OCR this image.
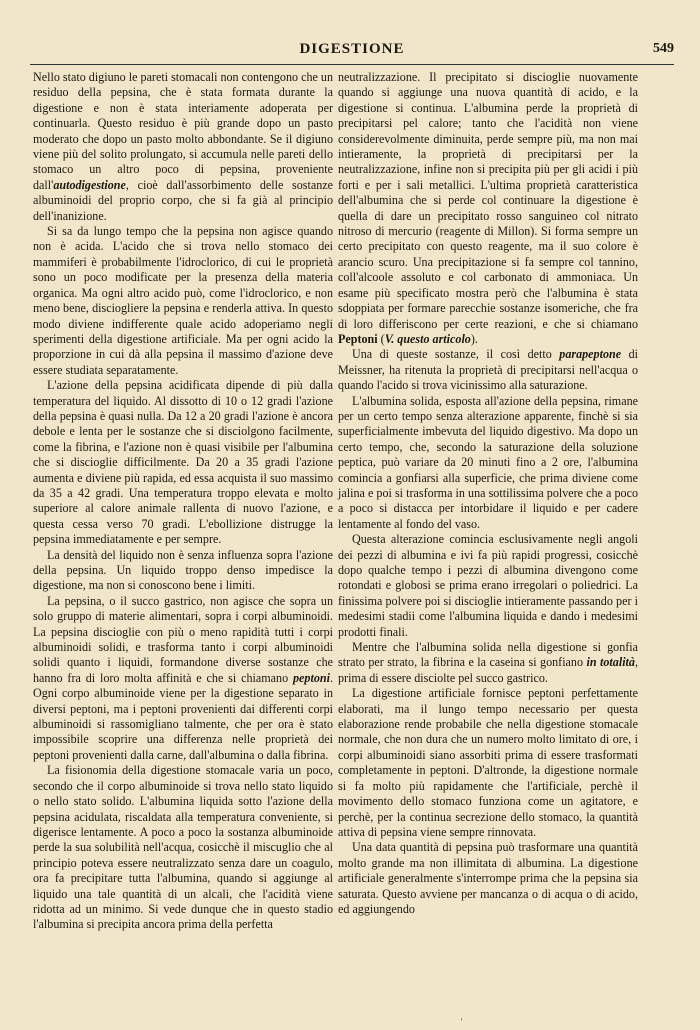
DIGESTIONE	549

Nello stato digiuno le pareti stomacali non contengono che un residuo della pepsina, che è stata formata durante la digestione e non è stata interiamente adoperata per continuarla. Questo residuo è più grande dopo un pasto moderato che dopo un pasto molto abbondante. Se il digiuno viene più del solito prolungato, si accumula nelle pareti dello stomaco un altro poco di pepsina, proveniente dall'autodigestione, cioè dall'assorbimento delle sostanze albuminoidi del proprio corpo, che si fa già al principio dell'inanizione.

Si sa da lungo tempo che la pepsina non agisce quando non è acida. L'acido che si trova nello stomaco dei mammiferi è probabilmente l'idroclorico, di cui le proprietà sono un poco modificate per la presenza della materia organica. Ma ogni altro acido può, come l'idroclorico, e non meno bene, disciogliere la pepsina e renderla attiva. In questo modo diviene indifferente quale acido adoperiamo negli sperimenti della digestione artificiale. Ma per ogni acido la proporzione in cui dà alla pepsina il massimo d'azione deve essere studiata separatamente.

L'azione della pepsina acidificata dipende di più dalla temperatura del liquido. Al dissotto di 10 o 12 gradi l'azione della pepsina è quasi nulla. Da 12 a 20 gradi l'azione è ancora debole e lenta per le sostanze che si disciolgono facilmente, come la fibrina, e l'azione non è quasi visibile per l'albumina che si discioglie difficilmente. Da 20 a 35 gradi l'azione aumenta e diviene più rapida, ed essa acquista il suo massimo da 35 a 42 gradi. Una temperatura troppo elevata e molto superiore al calore animale rallenta di nuovo l'azione, e questa cessa verso 70 gradi. L'ebollizione distrugge la pepsina immediatamente e per sempre.

La densità del liquido non è senza influenza sopra l'azione della pepsina. Un liquido troppo denso impedisce la digestione, ma non si conoscono bene i limiti.

La pepsina, o il succo gastrico, non agisce che sopra un solo gruppo di materie alimentari, sopra i corpi albuminoidi. La pepsina discioglie con più o meno rapidità tutti i corpi albuminoidi solidi, e trasforma tanto i corpi albuminoidi solidi quanto i liquidi, formandone diverse sostanze che hanno fra di loro molta affinità e che si chiamano peptoni. Ogni corpo albuminoide viene per la digestione separato in diversi peptoni, ma i peptoni provenienti dai differenti corpi albuminoidi si rassomigliano talmente, che per ora è stato impossibile scoprire una differenza nelle proprietà dei peptoni provenienti dalla carne, dall'albumina o dalla fibrina.

La fisionomia della digestione stomacale varia un poco, secondo che il corpo albuminoide si trova nello stato liquido o nello stato solido. L'albumina liquida sotto l'azione della pepsina acidulata, riscaldata alla temperatura conveniente, si digerisce lentamente. A poco a poco la sostanza albuminoide perde la sua solubilità nell'acqua, cosicchè il miscuglio che al principio poteva essere neutralizzato senza dare un coagulo, ora fa precipitare tutta l'albumina, quando si aggiunge al liquido una tale quantità di un alcali, che l'acidità viene ridotta ad un minimo. Si vede dunque che in questo stadio l'albumina si precipita ancora prima della perfetta

neutralizzazione. Il precipitato si discioglie nuovamente quando si aggiunge una nuova quantità di acido, e la digestione si continua. L'albumina perde la proprietà di precipitarsi pel calore; tanto che l'acidità non viene considerevolmente diminuita, perde sempre più, ma non mai intieramente, la proprietà di precipitarsi per la neutralizzazione, infine non si precipita più per gli acidi i più forti e per i sali metallici. L'ultima proprietà caratteristica dell'albumina che si perde col continuare la digestione è quella di dare un precipitato rosso sanguineo col nitrato nitroso di mercurio (reagente di Millon). Si forma sempre un certo precipitato con questo reagente, ma il suo colore è arancio scuro. Una precipitazione si fa sempre col tannino, coll'alcoole assoluto e col carbonato di ammoniaca. Un esame più specificato mostra però che l'albumina è stata sdoppiata per formare parecchie sostanze isomeriche, che fra di loro differiscono per certe reazioni, e che si chiamano Peptoni (V. questo articolo).

Una di queste sostanze, il così detto parapeptone di Meissner, ha ritenuta la proprietà di precipitarsi nell'acqua o quando l'acido si trova vicinissimo alla saturazione.

L'albumina solida, esposta all'azione della pepsina, rimane per un certo tempo senza alterazione apparente, finchè si sia superficialmente imbevuta del liquido digestivo. Ma dopo un certo tempo, che, secondo la saturazione della soluzione peptica, può variare da 20 minuti fino a 2 ore, l'albumina comincia a gonfiarsi alla superficie, che prima diviene come jalina e poi si trasforma in una sottilissima polvere che a poco a poco si distacca per intorbidare il liquido e per cadere lentamente al fondo del vaso.

Questa alterazione comincia esclusivamente negli angoli dei pezzi di albumina e ivi fa più rapidi progressi, cosicchè dopo qualche tempo i pezzi di albumina divengono come rotondati e globosi se prima erano irregolari o poliedrici. La finissima polvere poi si discioglie intieramente passando per i medesimi stadii come l'albumina liquida e dando i medesimi prodotti finali.

Mentre che l'albumina solida nella digestione si gonfia strato per strato, la fibrina e la caseina si gonfiano in totalità, prima di essere disciolte pel succo gastrico.

La digestione artificiale fornisce peptoni perfettamente elaborati, ma il lungo tempo necessario per questa elaborazione rende probabile che nella digestione stomacale normale, che non dura che un numero molto limitato di ore, i corpi albuminoidi siano assorbiti prima di essere trasformati completamente in peptoni. D'altronde, la digestione normale si fa molto più rapidamente che l'artificiale, perchè il movimento dello stomaco funziona come un agitatore, e perchè, per la continua secrezione dello stomaco, la quantità attiva di pepsina viene sempre rinnovata.

Una data quantità di pepsina può trasformare una quantità molto grande ma non illimitata di albumina. La digestione artificiale generalmente s'interrompe prima che la pepsina sia saturata. Questo avviene per mancanza o di acqua o di acido, ed aggiungendo

'
